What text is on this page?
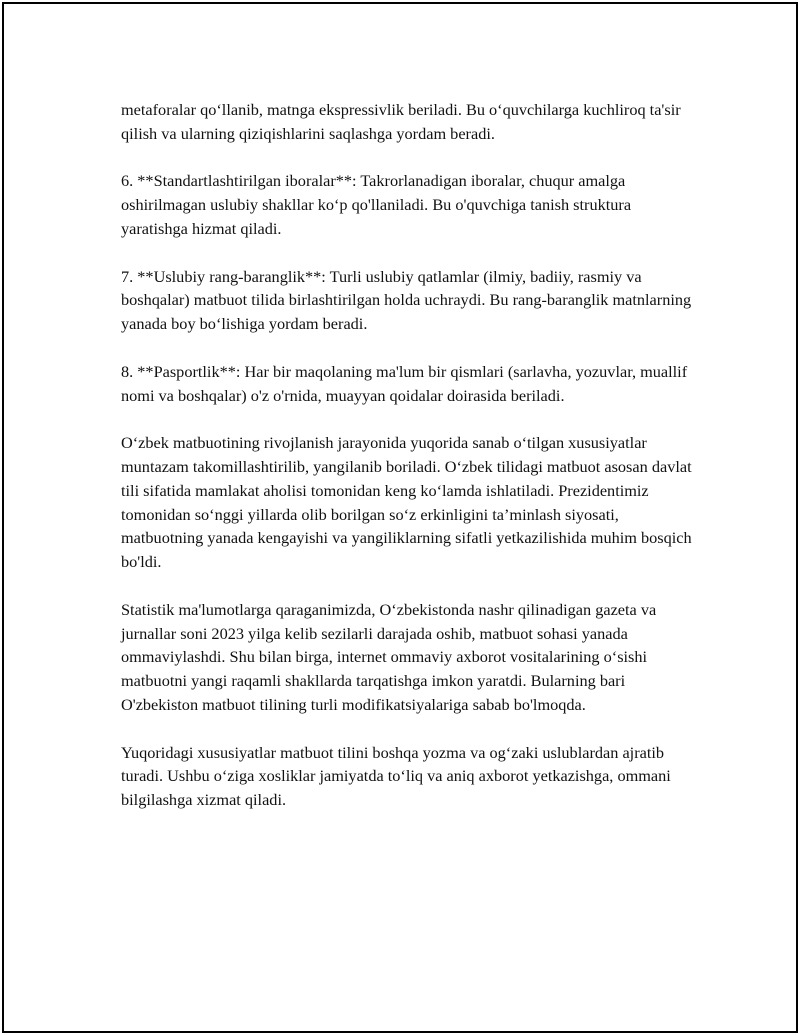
metaforalar qo‘llanib, matnga ekspressivlik beriladi. Bu o‘quvchilarga kuchliroq ta'sir qilish va ularning qiziqishlarini saqlashga yordam beradi.

6. **Standartlashtirilgan iboralar**: Takrorlanadigan iboralar, chuqur amalga oshirilmagan uslubiy shakllar ko‘p qo'llaniladi. Bu o'quvchiga tanish struktura yaratishga hizmat qiladi.

7. **Uslubiy rang-baranglik**: Turli uslubiy qatlamlar (ilmiy, badiiy, rasmiy va boshqalar) matbuot tilida birlashtirilgan holda uchraydi. Bu rang-baranglik matnlarning yanada boy bo‘lishiga yordam beradi.

8. **Pasportlik**: Har bir maqolaning ma'lum bir qismlari (sarlavha, yozuvlar, muallif nomi va boshqalar) o'z o'rnida, muayyan qoidalar doirasida beriladi.

O‘zbek matbuotining rivojlanish jarayonida yuqorida sanab o‘tilgan xususiyatlar muntazam takomillashtirilib, yangilanib boriladi. O‘zbek tilidagi matbuot asosan davlat tili sifatida mamlakat aholisi tomonidan keng ko‘lamda ishlatiladi. Prezidentimiz tomonidan so‘nggi yillarda olib borilgan so‘z erkinligini ta’minlash siyosati, matbuotning yanada kengayishi va yangiliklarning sifatli yetkazilishida muhim bosqich bo'ldi.

Statistik ma'lumotlarga qaraganimizda, O‘zbekistonda nashr qilinadigan gazeta va jurnallar soni 2023 yilga kelib sezilarli darajada oshib, matbuot sohasi yanada ommaviylashdi. Shu bilan birga, internet ommaviy axborot vositalarining o‘sishi matbuotni yangi raqamli shakllarda tarqatishga imkon yaratdi. Bularning bari O'zbekiston matbuot tilining turli modifikatsiyalariga sabab bo'lmoqda.

Yuqoridagi xususiyatlar matbuot tilini boshqa yozma va og‘zaki uslublardan ajratib turadi. Ushbu o‘ziga xosliklar jamiyatda to‘liq va aniq axborot yetkazishga, ommani bilgilashga xizmat qiladi.
